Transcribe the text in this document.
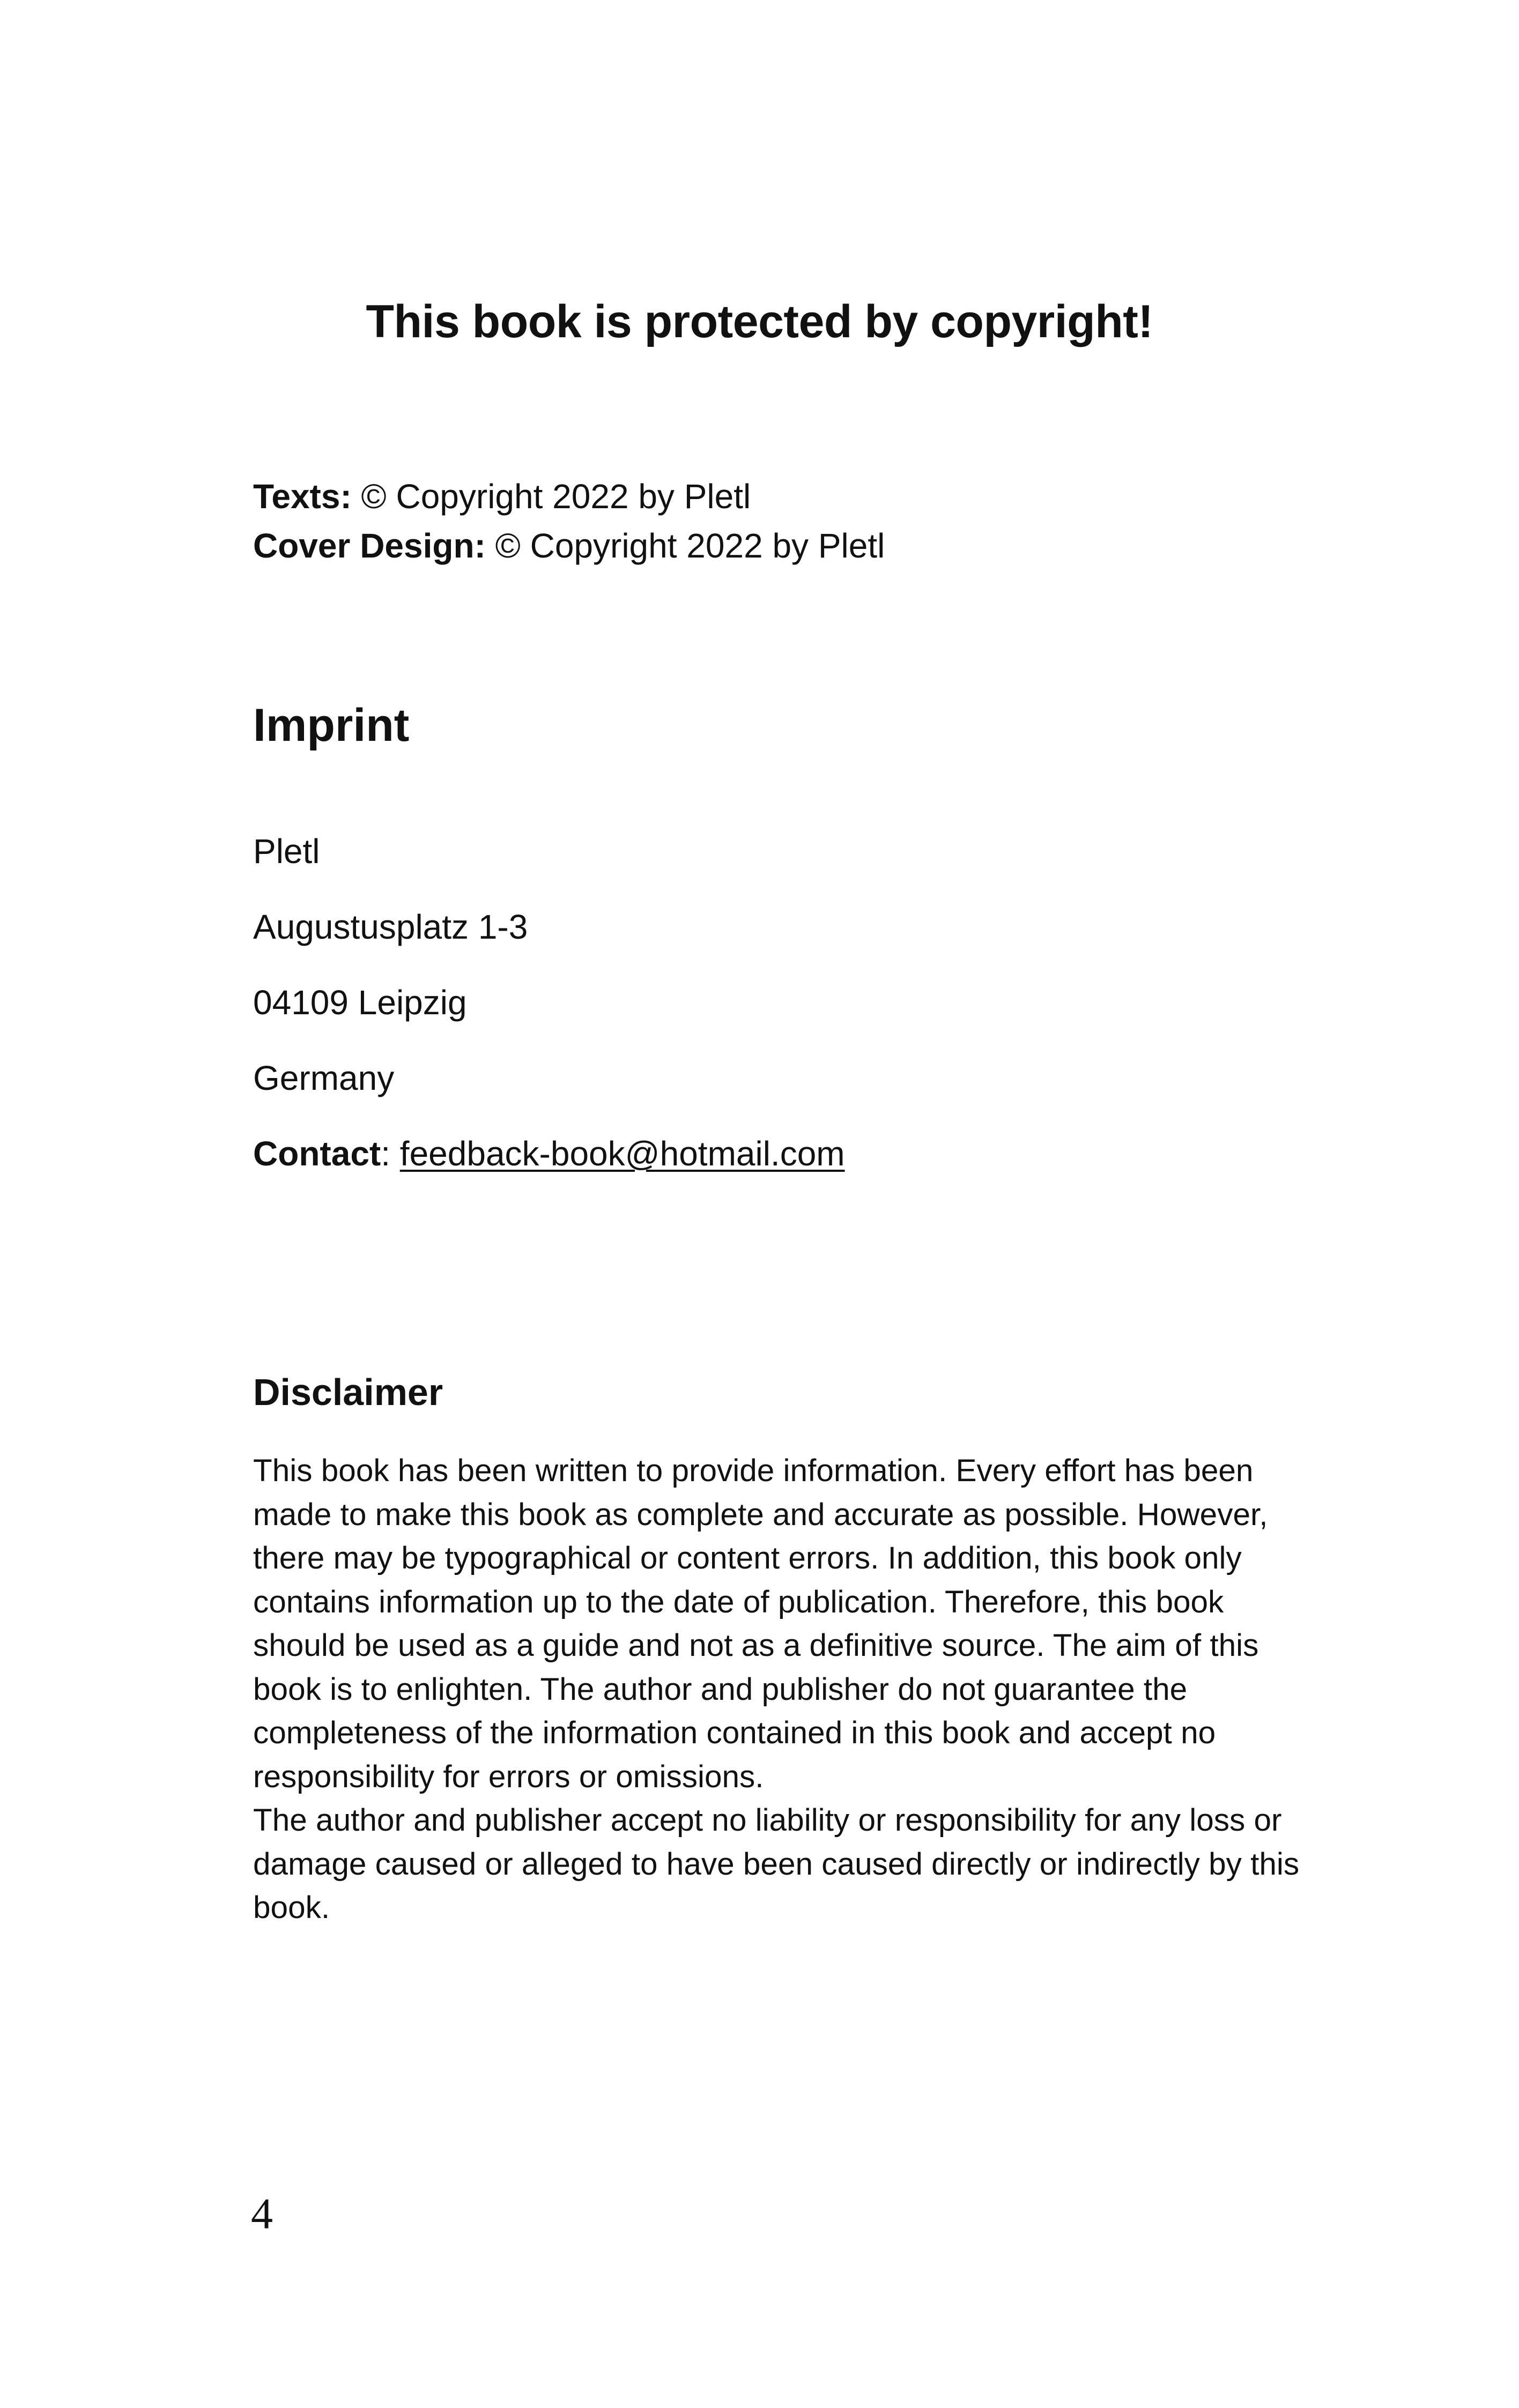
This book is protected by copyright!
Texts: © Copyright 2022 by Pletl
Cover Design: © Copyright 2022 by Pletl
Imprint
Pletl
Augustusplatz 1-3
04109 Leipzig
Germany
Contact: feedback-book@hotmail.com
Disclaimer

This book has been written to provide information. Every effort has been made to make this book as complete and accurate as possible. However, there may be typographical or content errors. In addition, this book only contains information up to the date of publication. Therefore, this book should be used as a guide and not as a definitive source. The aim of this book is to enlighten. The author and publisher do not guarantee the completeness of the information contained in this book and accept no responsibility for errors or omissions.

The author and publisher accept no liability or responsibility for any loss or damage caused or alleged to have been caused directly or indirectly by this book.

4
